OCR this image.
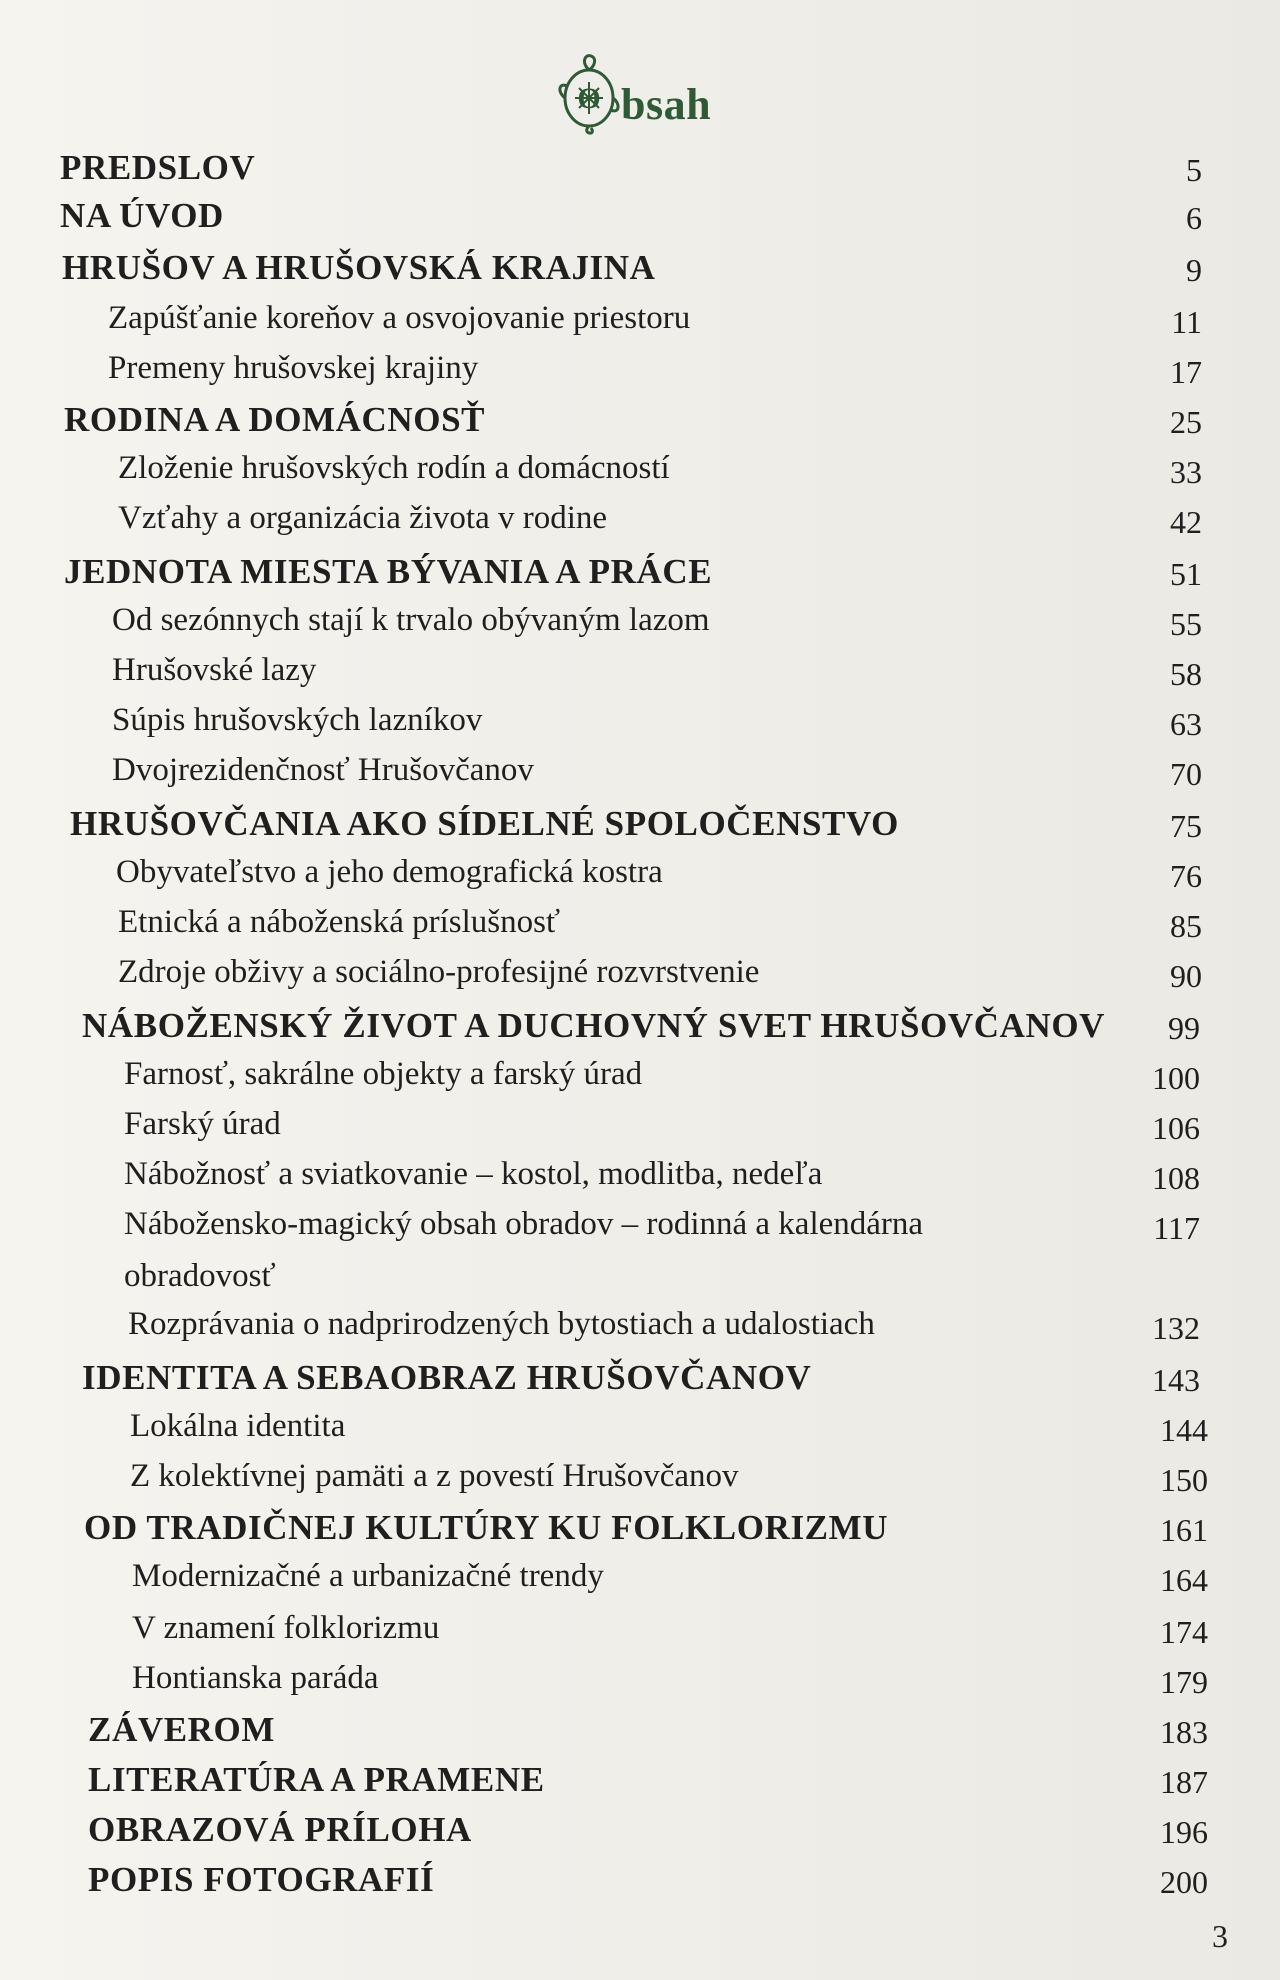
O bsah
PREDSLOV	5
NA ÚVOD	6
HRUŠOV A HRUŠOVSKÁ KRAJINA	9
Zapúšťanie koreňov a osvojovanie priestoru	11
Premeny hrušovskej krajiny	17
RODINA A DOMÁCNOSŤ	25
Zloženie hrušovských rodín a domácností	33
Vzťahy a organizácia života v rodine	42
JEDNOTA MIESTA BÝVANIA A PRÁCE	51
Od sezónnych stají k trvalo obývaným lazom	55
Hrušovské lazy	58
Súpis hrušovských lazníkov	63
Dvojrezidenčnosť Hrušovčanov	70
HRUŠOVČANIA AKO SÍDELNÉ SPOLOČENSTVO	75
Obyvateľstvo a jeho demografická kostra	76
Etnická a náboženská príslušnosť	85
Zdroje obživy a sociálno-profesijné rozvrstvenie	90
NÁBOŽENSKÝ ŽIVOT A DUCHOVNÝ SVET HRUŠOVČANOV	99
Farnosť, sakrálne objekty a farský úrad	100
Farský úrad	106
Nábožnosť a sviatkovanie – kostol, modlitba, nedeľa	108
Nábožensko-magický obsah obradov – rodinná a kalendárna	117
obradovosť
Rozprávania o nadprirodzených bytostiach a udalostiach	132
IDENTITA A SEBAOBRAZ HRUŠOVČANOV	143
Lokálna identita	144
Z kolektívnej pamäti a z povestí Hrušovčanov	150
OD TRADIČNEJ KULTÚRY KU FOLKLORIZMU	161
Modernizačné a urbanizačné trendy	164
V znamení folklorizmu	174
Hontianska paráda	179
ZÁVEROM	183
LITERATÚRA A PRAMENE	187
OBRAZOVÁ PRÍLOHA	196
POPIS FOTOGRAFIÍ	200
3
